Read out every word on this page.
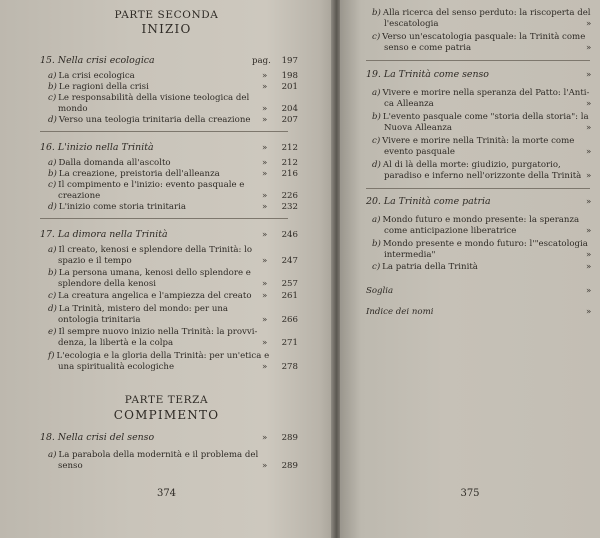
PARTE SECONDA
INIZIO
15. Nella crisi ecologica	pag.	197
a) La crisi ecologica	»	198
b) Le ragioni della crisi	»	201
c) Le responsabilità della visione teologica del
mondo	»	204
d) Verso una teologia trinitaria della creazione »	207
16. L'inizio nella Trinità	»	212
a) Dalla domanda all'ascolto	»	212
b) La creazione, preistoria dell'alleanza	»	216
c) Il compimento e l'inizio: evento pasquale e
creazione	»	226
d) L'inizio come storia trinitaria	»	232
17. La dimora nella Trinità	»	246
a) Il creato, kenosi e splendore della Trinità: lo
spazio e il tempo	»	247
b) La persona umana, kenosi dello splendore e
splendore della kenosi	»	257
c) La creatura angelica e l'ampiezza del creato »	261
d) La Trinità, mistero del mondo: per una
ontologia trinitaria	»	266
e) Il sempre nuovo inizio nella Trinità: la provvi-
denza, la libertà e la colpa	»	271
f) L'ecologia e la gloria della Trinità: per un'etica e
una spiritualità ecologiche	»	278
PARTE TERZA
COMPIMENTO
18. Nella crisi del senso	»	289
a) La parabola della modernità e il problema del
senso	»	289
374
b) Alla ricerca del senso perduto: la riscoperta del
l'escatologia	»
c) Verso un'escatologia pasquale: la Trinità come
senso e come patria	»
19. La Trinità come senso	»
a) Vivere e morire nella speranza del Patto: l'Anti-
ca Alleanza	»
b) L'evento pasquale come "storia della storia": la
Nuova Alleanza	»
c) Vivere e morire nella Trinità: la morte come
evento pasquale	»
d) Al di là della morte: giudizio, purgatorio,
paradiso e inferno nell'orizzonte della Trinità »
20. La Trinità come patria	»
a) Mondo futuro e mondo presente: la speranza
come anticipazione liberatrice	»
b) Mondo presente e mondo futuro: l'"escatologia
intermedia"	»
c) La patria della Trinità	»
Soglia	»
Indice dei nomi	»
375
